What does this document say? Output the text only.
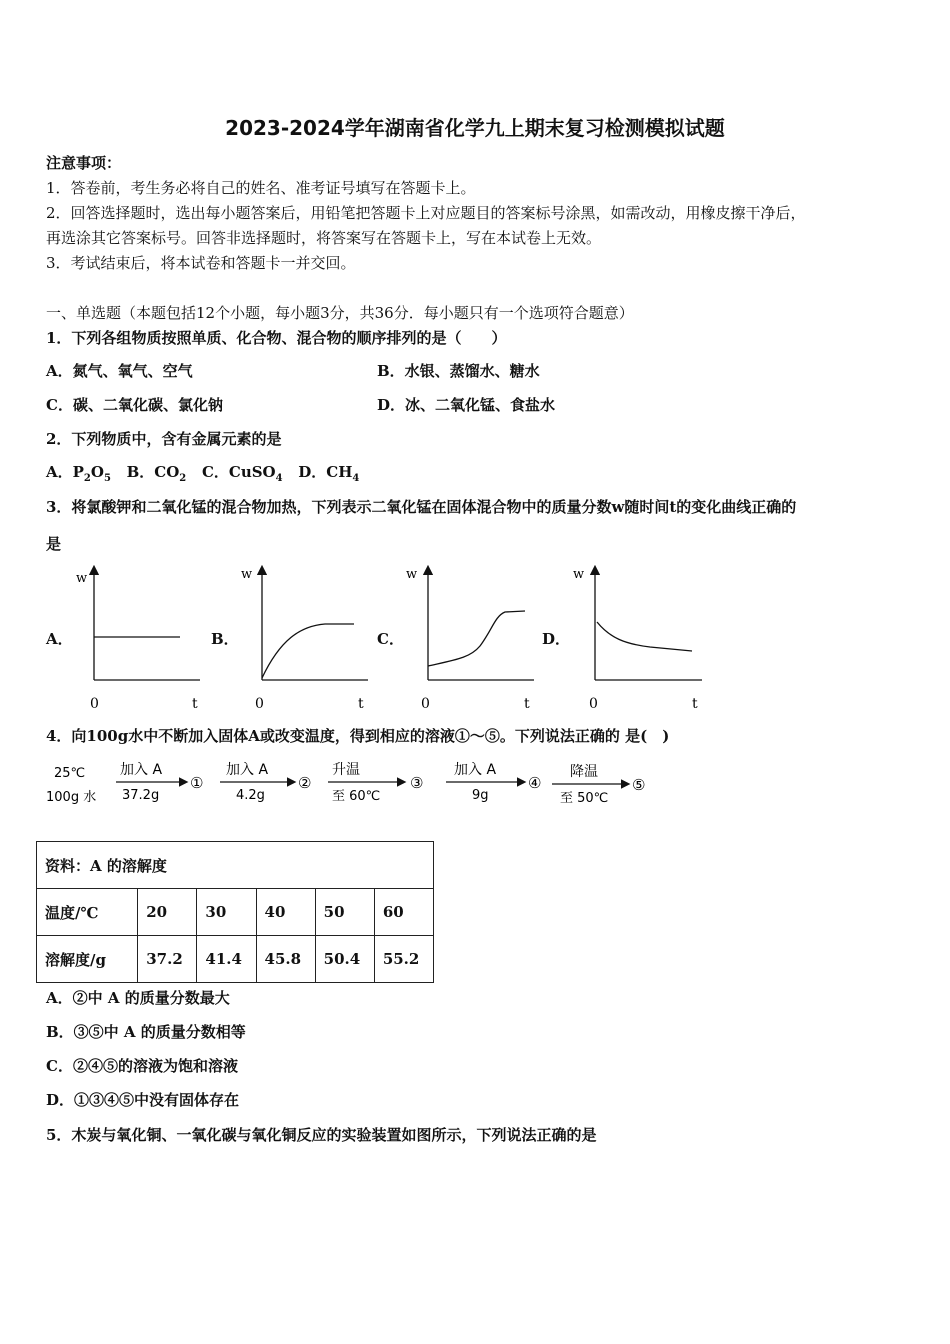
2023-2024学年湖南省化学九上期末复习检测模拟试题
注意事项：
1．答卷前，考生务必将自己的姓名、准考证号填写在答题卡上。
2．回答选择题时，选出每小题答案后，用铅笔把答题卡上对应题目的答案标号涂黑，如需改动，用橡皮擦干净后，
再选涂其它答案标号。回答非选择题时，将答案写在答题卡上，写在本试卷上无效。
3．考试结束后，将本试卷和答题卡一并交回。
一、单选题（本题包括12个小题，每小题3分，共36分．每小题只有一个选项符合题意）
1．下列各组物质按照单质、化合物、混合物的顺序排列的是（　　）
A．氮气、氧气、空气	B．水银、蒸馏水、糖水
C．碳、二氧化碳、氯化钠	D．冰、二氧化锰、食盐水
2．下列物质中，含有金属元素的是
A．$P_2O_5$ B．$CO_2$ C．CuSO$_4$ D．$CH_4$
3．将氯酸钾和二氧化锰的混合物加热，下列表示二氧化锰在固体混合物中的质量分数w随时间t的变化曲线正确的
是
A．	B．	C．	D．
w
0	t
w
0	t
w
0	t
w
0	t
4．向100g水中不断加入固体A或改变温度，得到相应的溶液①～⑤。下列说法正确的 是(　)
25℃
100g 水
加入 A
37.2g
①
加入 A
4.2g
②
升温
至 60℃
③
加入 A
9g
④
降温
至 50℃
⑤
资料：A 的溶解度					
温度/℃	20	30	40	50	60
溶解度/g	37.2	41.4	45.8	50.4	55.2
A．②中 A 的质量分数最大
B．③⑤中 A 的质量分数相等
C．②④⑤的溶液为饱和溶液
D．①③④⑤中没有固体存在
5．木炭与氧化铜、一氧化碳与氧化铜反应的实验装置如图所示，下列说法正确的是
